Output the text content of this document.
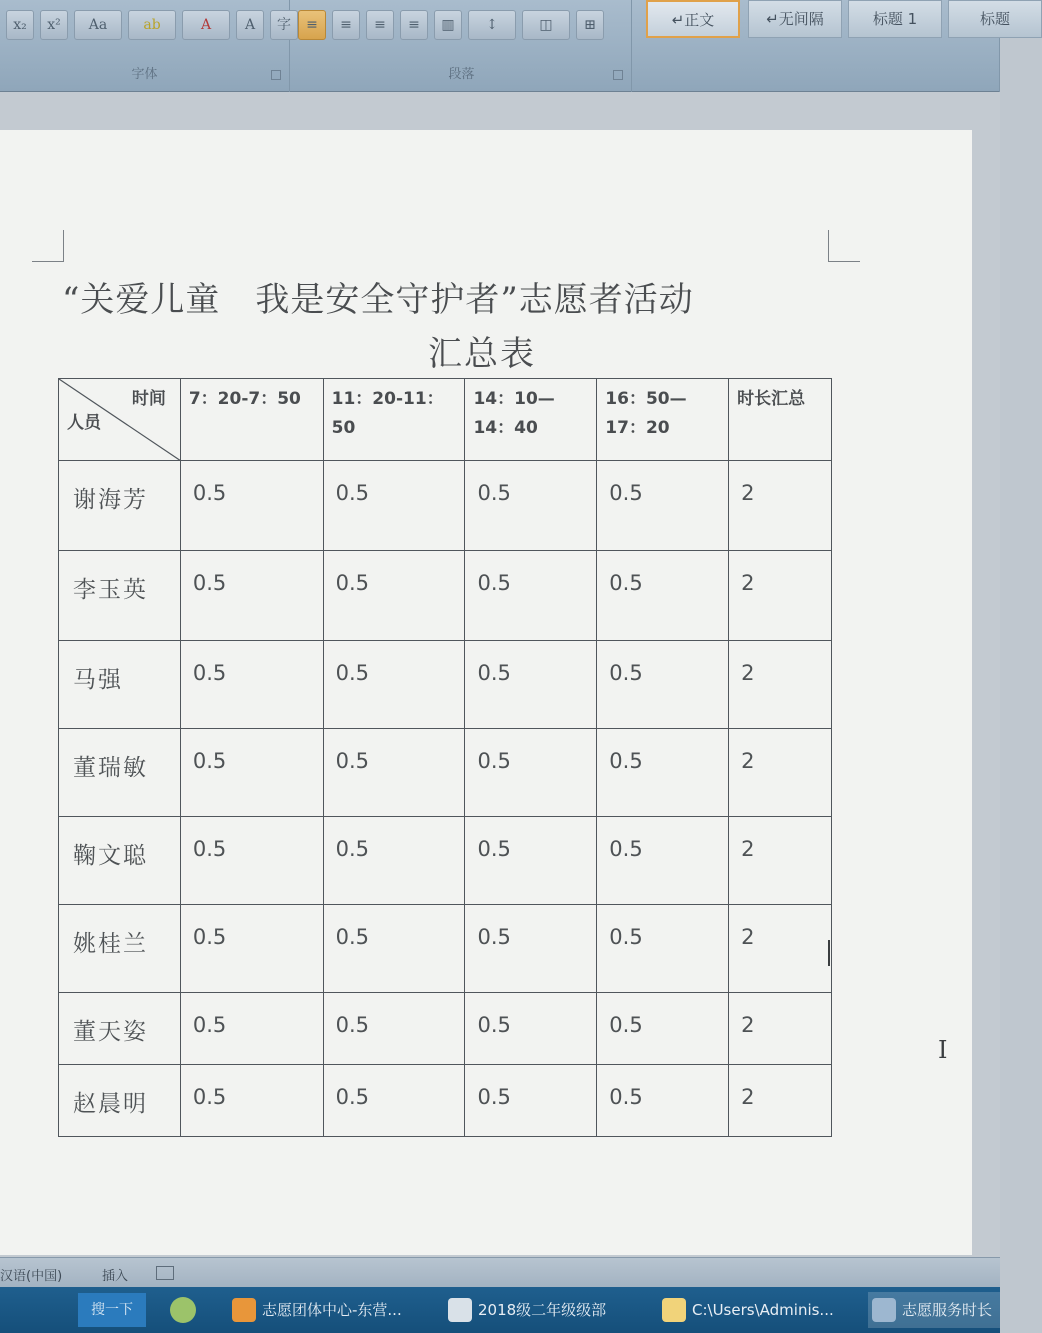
x₂	x²	Aa	ab	A	A	字
字体
≡	≡	≡	≡	▥	↕	◫	⊞
段落
↵正文	↵无间隔	标题 1	标题
“关爱儿童　我是安全守护者”志愿者活动
汇总表
时间
人员	7：20-7：50	11：20-11：50	14：10—14：40	16：50—17：20	时长汇总
谢海芳	0.5	0.5	0.5	0.5	2
李玉英	0.5	0.5	0.5	0.5	2
马强	0.5	0.5	0.5	0.5	2
董瑞敏	0.5	0.5	0.5	0.5	2
鞠文聪	0.5	0.5	0.5	0.5	2
姚桂兰	0.5	0.5	0.5	0.5	2
董天姿	0.5	0.5	0.5	0.5	2
赵晨明	0.5	0.5	0.5	0.5	2
I
汉语(中国)	插入
搜一下	志愿团体中心-东营...	2018级二年级级部	C:\Users\Adminis...	志愿服务时长
